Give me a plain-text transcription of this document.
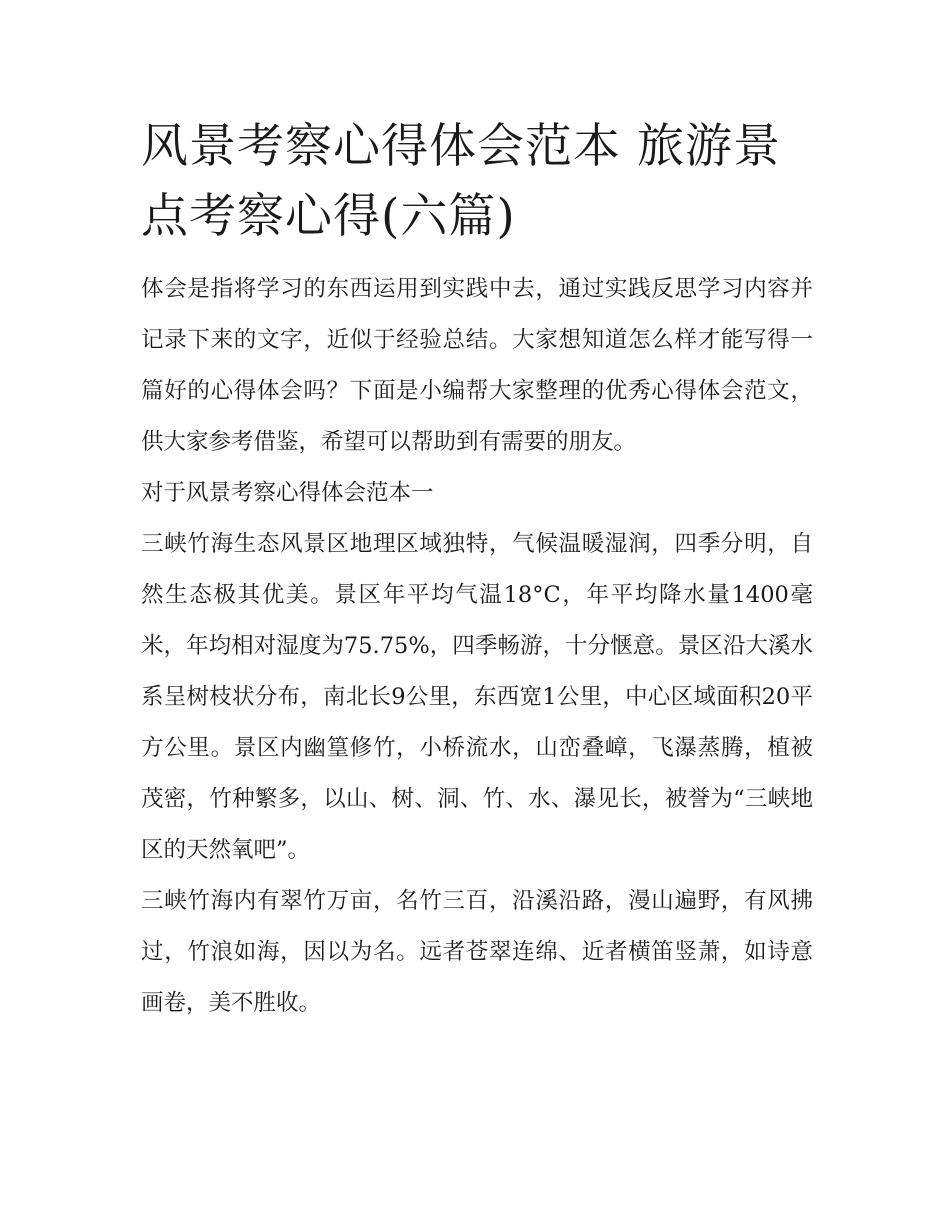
风景考察心得体会范本 旅游景点考察心得(六篇)

体会是指将学习的东西运用到实践中去，通过实践反思学习内容并记录下来的文字，近似于经验总结。大家想知道怎么样才能写得一篇好的心得体会吗？下面是小编帮大家整理的优秀心得体会范文，供大家参考借鉴，希望可以帮助到有需要的朋友。

对于风景考察心得体会范本一

三峡竹海生态风景区地理区域独特，气候温暖湿润，四季分明，自然生态极其优美。景区年平均气温18°C，年平均降水量1400毫米，年均相对湿度为75.75%，四季畅游，十分惬意。景区沿大溪水系呈树枝状分布，南北长9公里，东西宽1公里，中心区域面积20平方公里。景区内幽篁修竹，小桥流水，山峦叠嶂，飞瀑蒸腾，植被茂密，竹种繁多，以山、树、洞、竹、水、瀑见长，被誉为“三峡地区的天然氧吧”。

三峡竹海内有翠竹万亩，名竹三百，沿溪沿路，漫山遍野，有风拂过，竹浪如海，因以为名。远者苍翠连绵、近者横笛竖萧，如诗意画卷，美不胜收。
